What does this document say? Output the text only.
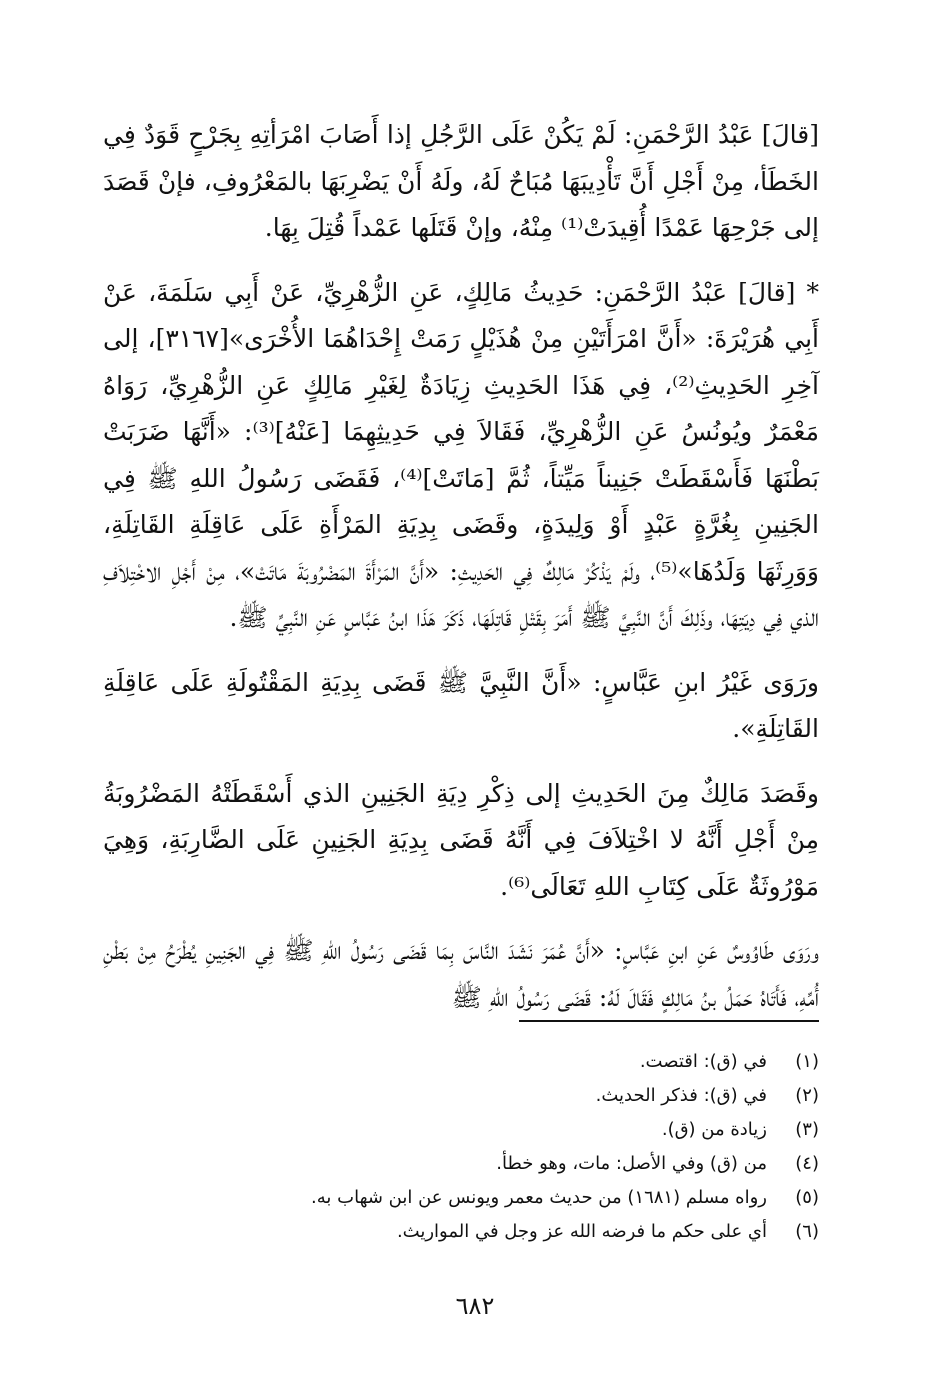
[قالَ] عَبْدُ الرَّحْمَنِ: لَمْ يَكُنْ عَلَى الرَّجُلِ إذا أَصَابَ امْرَأتِهِ بِجَرْحٍ قَوَدٌ فِي الخَطَأ، مِنْ أَجْلِ أَنَّ تَأْدِيبَهَا مُبَاحٌ لَهُ، ولَهُ أَنْ يَضْرِبَهَا بالمَعْرُوفِ، فإنْ قَصَدَ إلى جَرْحِهَا عَمْدًا أُقِيدَتْ⁽¹⁾ مِنْهُ، وإنْ قَتَلَها عَمْداً قُتِلَ بِهَا.

* [قالَ] عَبْدُ الرَّحْمَنِ: حَدِيثُ مَالِكٍ، عَنِ الزُّهْرِيِّ، عَنْ أَبِي سَلَمَةَ، عَنْ أَبِي هُرَيْرَةَ: «أَنَّ امْرَأَتَيْنِ مِنْ هُذَيْلٍ رَمَتْ إِحْدَاهُمَا الأُخْرَى»[٣١٦٧]، إلى آخِرِ الحَدِيثِ⁽²⁾، فِي هَذَا الحَدِيثِ زِيَادَةٌ لِغَيْرِ مَالِكٍ عَنِ الزُّهْرِيِّ، رَوَاهُ مَعْمَرٌ ويُونُسُ عَنِ الزُّهْرِيِّ، فَقَالاَ فِي حَدِيثِهِمَا [عَنْهُ]⁽³⁾: «أَنَّهَا ضَرَبَتْ بَطْنَهَا فَأَسْقَطَتْ جَنِيناً مَيِّتاً، ثُمَّ [مَاتَتْ]⁽⁴⁾، فَقَضَى رَسُولُ اللهِ ﷺ فِي الجَنِينِ بِغُرَّةٍ عَبْدٍ أَوْ وَلِيدَةٍ، وقَضَى بِدِيَةِ المَرْأَةِ عَلَى عَاقِلَةِ القَاتِلَةِ، وَوَرِثَهَا وَلَدُهَا»⁽⁵⁾، ولَمْ يَذْكُرْ مَالِكٌ فِي الحَدِيثِ: «أَنَّ المَرْأَةَ المَضْرُوبَةَ مَاتَتْ»، مِنْ أَجْلِ الاخْتِلاَفِ الذي فِي دِيَتِهَا، وذَلِكَ أَنَّ النَّبِيَّ ﷺ أَمَرَ بِقَتْلِ قَاتِلَهَا، ذَكَرَ هَذَا ابنُ عَبَّاسٍ عَنِ النَّبِيِّ ﷺ.

ورَوَى غَيْرُ ابنِ عَبَّاسٍ: «أَنَّ النَّبِيَّ ﷺ قَضَى بِدِيَةِ المَقْتُولَةِ عَلَى عَاقِلَةِ القَاتِلَةِ».

وقَصَدَ مَالِكٌ مِنَ الحَدِيثِ إلى ذِكْرِ دِيَةِ الجَنِينِ الذي أَسْقَطَتْهُ المَضْرُوبَةُ مِنْ أَجْلِ أَنَّهُ لا اخْتِلاَفَ فِي أَنَّهُ قَضَى بِدِيَةِ الجَنِينِ عَلَى الضَّارِبَةِ، وَهِيَ مَوْرُوثَةٌ عَلَى كِتَابِ اللهِ تَعَالَى⁽⁶⁾.

ورَوَى طَاوُوسٌ عَنِ ابنِ عَبَّاسٍ: «أَنَّ عُمَرَ نَشَدَ النَّاسَ بِمَا قَضَى رَسُولُ اللهِ ﷺ فِي الجَنِينِ يُطْرَحُ مِنْ بَطْنِ أُمِّهِ، فَأَتَاهُ حَمَلُ بنُ مَالِكٍ فَقَالَ لَهُ: قَضَى رَسُولُ اللهِ ﷺ

(١)
في (ق): اقتصت.
(٢)
في (ق): فذكر الحديث.
(٣)
زيادة من (ق).
(٤)
من (ق) وفي الأصل: مات، وهو خطأ.
(٥)
رواه مسلم (١٦٨١) من حديث معمر ويونس عن ابن شهاب به.
(٦)
أي على حكم ما فرضه الله عز وجل في المواريث.
٦٨٢
